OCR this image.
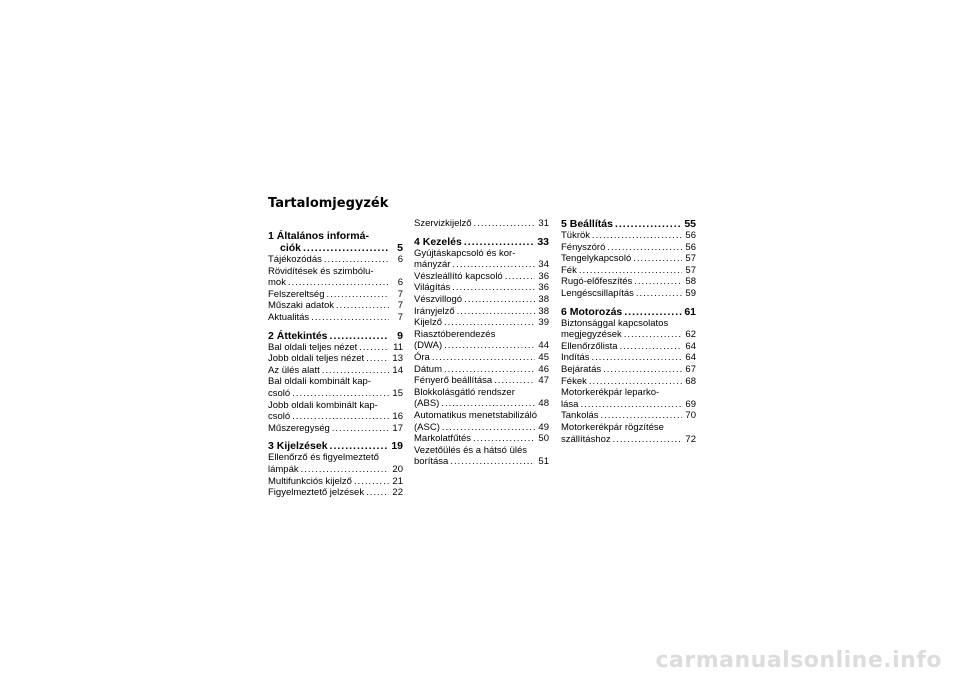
Tartalomjegyzék
1 Általános informá-
ciók .....	5
Tájékozódás .....	6
Rövidítések és szimbólu-
mok .....	6
Felszereltség .....	7
Műszaki adatok .....	7
Aktualitás .....	7
2 Áttekintés .....	9
Bal oldali teljes nézet .....	11
Jobb oldali teljes nézet .....	13
Az ülés alatt .....	14
Bal oldali kombinált kap-
csoló .....	15
Jobb oldali kombinált kap-
csoló .....	16
Műszeregység .....	17
3 Kijelzések .....	19
Ellenőrző és figyelmeztető
lámpák .....	20
Multifunkciós kijelző .....	21
Figyelmeztető jelzések .....	22
Szervizkijelző .....	31
4 Kezelés .....	33
Gyújtáskapcsoló és kor-
mányzár .....	34
Vészleállító kapcsoló .....	36
Világítás .....	36
Vészvillogó .....	38
Irányjelző .....	38
Kijelző .....	39
Riasztóberendezés
(DWA) .....	44
Óra .....	45
Dátum .....	46
Fényerő beállítása .....	47
Blokkolásgátló rendszer
(ABS) .....	48
Automatikus menetstabilizáló
(ASC) .....	49
Markolatfűtés .....	50
Vezetőülés és a hátsó ülés
borítása .....	51
5 Beállítás .....	55
Tükrök .....	56
Fényszóró .....	56
Tengelykapcsoló .....	57
Fék .....	57
Rugó-előfeszítés .....	58
Lengéscsillapítás .....	59
6 Motorozás .....	61
Biztonsággal kapcsolatos
megjegyzések .....	62
Ellenőrzőlista .....	64
Indítás .....	64
Bejáratás .....	67
Fékek .....	68
Motorkerékpár leparko-
lása .....	69
Tankolás .....	70
Motorkerékpár rögzítése
szállításhoz .....	72
carmanualsonline.info
